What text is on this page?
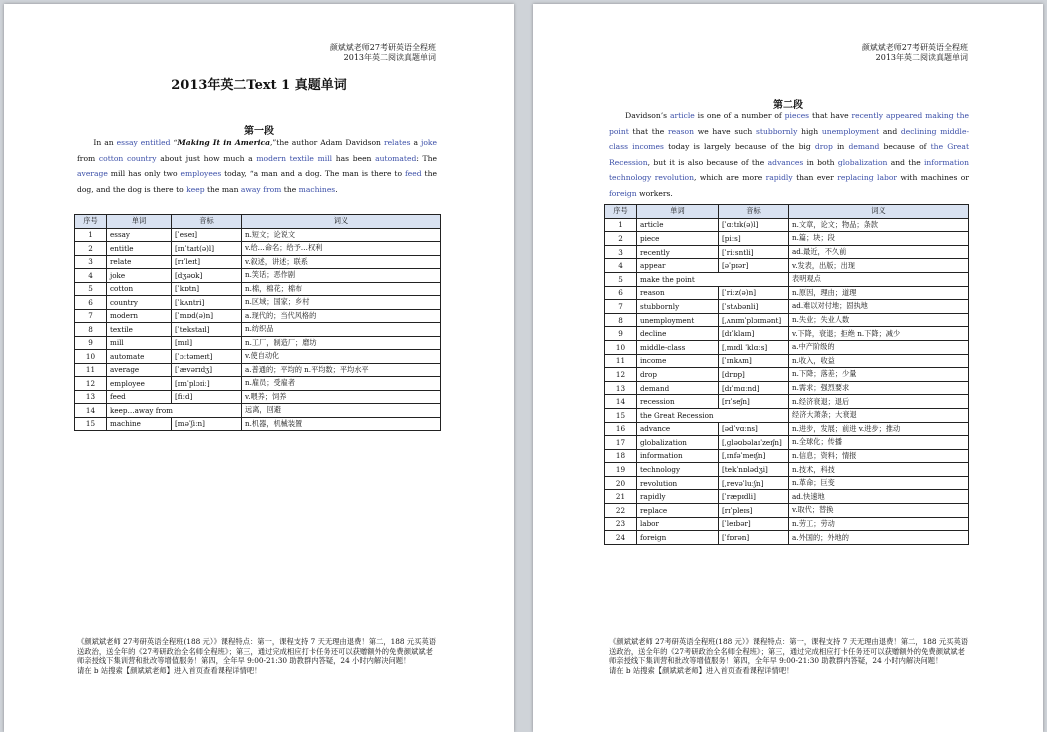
颜斌斌老师27考研英语全程班
2013年英二阅读真题单词
2013年英二Text 1 真题单词
第一段
　　In an essay entitled “Making It in America,”the author Adam Davidson relates a joke from cotton country about just how much a modern textile mill has been automated: The average mill has only two employees today, “a man and a dog. The man is there to feed the dog, and the dog is there to keep the man away from the machines.
序号	单词	音标	词义
1	essay	[ˈeseɪ]	n.短文；论说文
2	entitle	[ɪnˈtaɪt(ə)l]	v.给…命名；给予…权利
3	relate	[rɪˈleɪt]	v.叙述，讲述；联系
4	joke	[dʒəʊk]	n.笑话；恶作剧
5	cotton	[ˈkɒtn]	n.棉，棉花；棉布
6	country	[ˈkʌntri]	n.区域；国家；乡村
7	modern	[ˈmɒd(ə)n]	a.现代的；当代风格的
8	textile	[ˈtekstaɪl]	n.纺织品
9	mill	[mɪl]	n.工厂，制造厂；磨坊
10	automate	[ˈɔːtəmeɪt]	v.使自动化
11	average	[ˈævərɪdʒ]	a.普通的；平均的 n.平均数；平均水平
12	employee	[ɪmˈplɔɪiː]	n.雇员；受雇者
13	feed	[fiːd]	v.喂养；饲养
14	keep…away from		远离，回避
15	machine	[məˈʃiːn]	n.机器，机械装置
《颜斌斌老师 27考研英语全程班(188 元）》课程特点：第一，课程支持 7 天无理由退费！第二，188 元买英语送政治，送全年的《27考研政治全名师全程班》；第三，通过完成相应打卡任务还可以获赠额外的免费颜斌斌老师亲授线下集训营和批改等增值服务！第四，全年早 9:00-21:30 助教群内答疑，24 小时内解决问题！
请在 b 站搜索【颜斌斌老师】进入首页查看课程详情吧！
颜斌斌老师27考研英语全程班
2013年英二阅读真题单词
第二段
　　Davidson’s article is one of a number of pieces that have recently appeared making the point that the reason we have such stubbornly high unemployment and declining middle-class incomes today is largely because of the big drop in demand because of the Great Recession, but it is also because of the advances in both globalization and the information technology revolution, which are more rapidly than ever replacing labor with machines or foreign workers.
序号	单词	音标	词义
1	article	[ˈɑːtɪk(ə)l]	n.文章，论文；物品；条款
2	piece	[piːs]	n.篇；块；段
3	recently	[ˈriːsntli]	ad.最近，不久前
4	appear	[əˈpɪər]	v.发表，出版；出现
5	make the point		表明观点
6	reason	[ˈriːz(ə)n]	n.原因，理由；道理
7	stubbornly	[ˈstʌbənli]	ad.难以对付地；固执地
8	unemployment	[ˌʌnɪmˈplɔɪmənt]	n.失业；失业人数
9	decline	[dɪˈklaɪn]	v.下降，衰退；拒绝 n.下降；减少
10	middle-class	[ˌmɪdl ˈklɑːs]	a.中产阶级的
11	income	[ˈɪnkʌm]	n.收入，收益
12	drop	[drɒp]	n.下降；落差；少量
13	demand	[dɪˈmɑːnd]	n.需求；强烈要求
14	recession	[rɪˈseʃn]	n.经济衰退；退后
15	the Great Recession		经济大萧条；大衰退
16	advance	[ədˈvɑːns]	n.进步，发展；前进 v.进步；推动
17	globalization	[ˌɡləʊbəlaɪˈzeɪʃn]	n.全球化；传播
18	information	[ˌɪnfəˈmeɪʃn]	n.信息；资料；情报
19	technology	[tekˈnɒlədʒi]	n.技术，科技
20	revolution	[ˌrevəˈluːʃn]	n.革命；巨变
21	rapidly	[ˈræpɪdli]	ad.快速地
22	replace	[rɪˈpleɪs]	v.取代；替换
23	labor	[ˈleɪbər]	n.劳工；劳动
24	foreign	[ˈfɒrən]	a.外国的；外地的
《颜斌斌老师 27考研英语全程班(188 元）》课程特点：第一，课程支持 7 天无理由退费！第二，188 元买英语送政治，送全年的《27考研政治全名师全程班》；第三，通过完成相应打卡任务还可以获赠额外的免费颜斌斌老师亲授线下集训营和批改等增值服务！第四，全年早 9:00-21:30 助教群内答疑，24 小时内解决问题！
请在 b 站搜索【颜斌斌老师】进入首页查看课程详情吧！
